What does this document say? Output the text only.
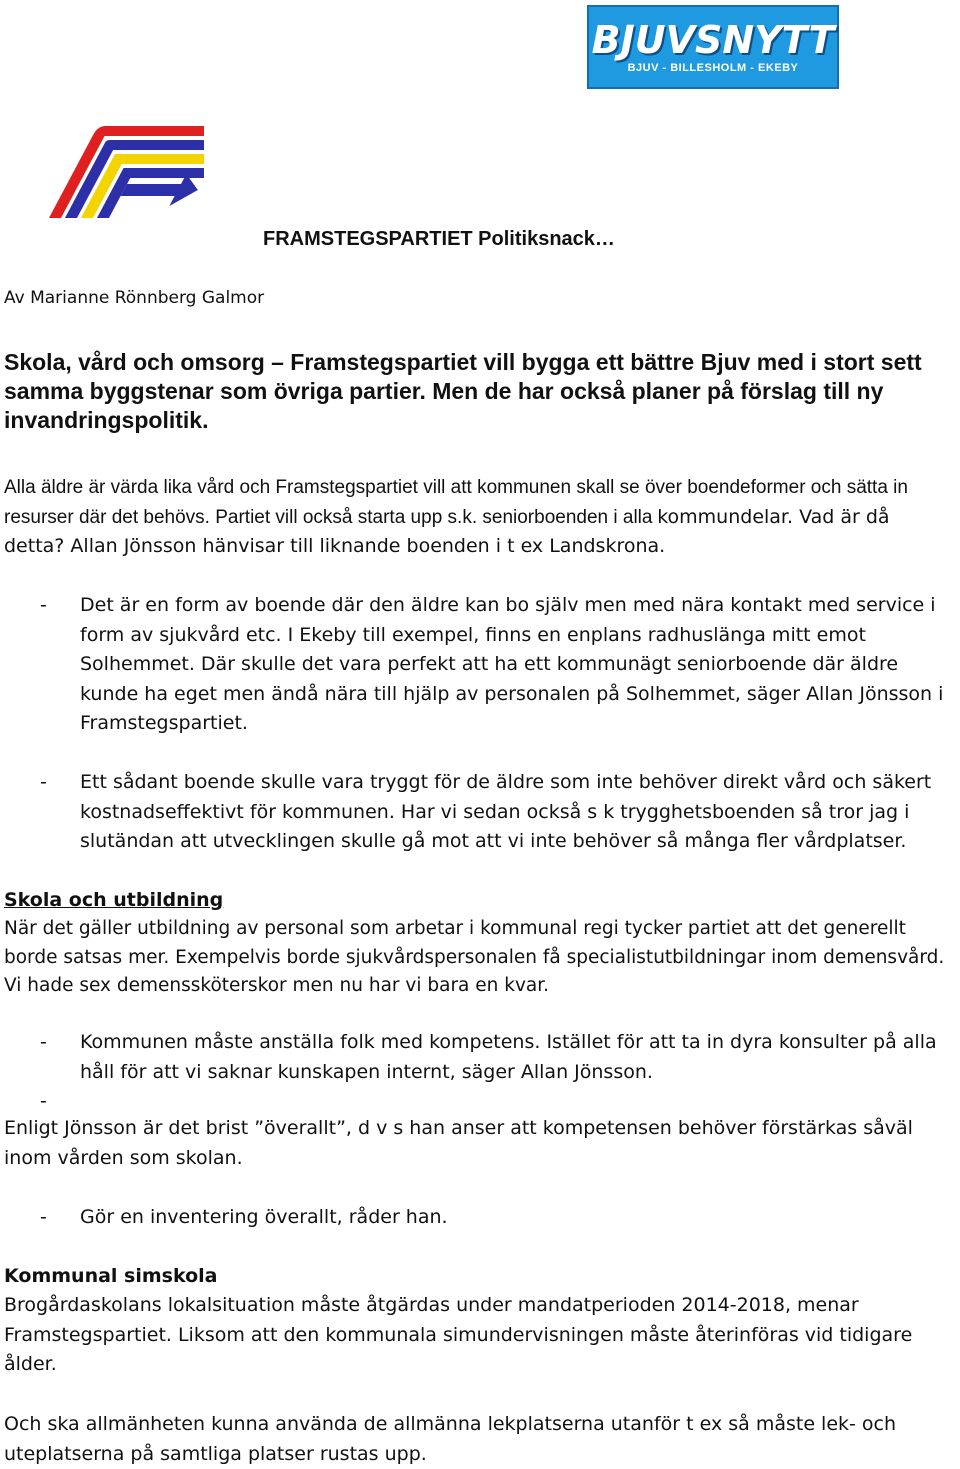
BJUVSNYTT
BJUV - BILLESHOLM - EKEBY
FRAMSTEGSPARTIET Politiksnack…
Av Marianne Rönnberg Galmor
Skola, vård och omsorg – Framstegspartiet vill bygga ett bättre Bjuv med i stort sett samma byggstenar som övriga partier. Men de har också planer på förslag till ny invandringspolitik.
Alla äldre är värda lika vård och Framstegspartiet vill att kommunen skall se över boendeformer och sätta in resurser där det behövs. Partiet vill också starta upp s.k. seniorboenden i alla kommundelar. Vad är då detta? Allan Jönsson hänvisar till liknande boenden i t ex Landskrona.
-	Det är en form av boende där den äldre kan bo själv men med nära kontakt med service i form av sjukvård etc. I Ekeby till exempel, finns en enplans radhuslänga mitt emot Solhemmet. Där skulle det vara perfekt att ha ett kommunägt seniorboende där äldre kunde ha eget men ändå nära till hjälp av personalen på Solhemmet, säger Allan Jönsson i Framstegspartiet.
-	Ett sådant boende skulle vara tryggt för de äldre som inte behöver direkt vård och säkert kostnadseffektivt för kommunen. Har vi sedan också s k trygghetsboenden så tror jag i slutändan att utvecklingen skulle gå mot att vi inte behöver så många fler vårdplatser.
Skola och utbildning
När det gäller utbildning av personal som arbetar i kommunal regi tycker partiet att det generellt borde satsas mer. Exempelvis borde sjukvårdspersonalen få specialistutbildningar inom demensvård. Vi hade sex demenssköterskor men nu har vi bara en kvar.
-	Kommunen måste anställa folk med kompetens. Istället för att ta in dyra konsulter på alla håll för att vi saknar kunskapen internt, säger Allan Jönsson.
-
Enligt Jönsson är det brist ”överallt”, d v s han anser att kompetensen behöver förstärkas såväl inom vården som skolan.
-	Gör en inventering överallt, råder han.
Kommunal simskola
Brogårdaskolans lokalsituation måste åtgärdas under mandatperioden 2014-2018, menar Framstegspartiet. Liksom att den kommunala simundervisningen måste återinföras vid tidigare ålder.
Och ska allmänheten kunna använda de allmänna lekplatserna utanför t ex så måste lek- och uteplatserna på samtliga platser rustas upp.
